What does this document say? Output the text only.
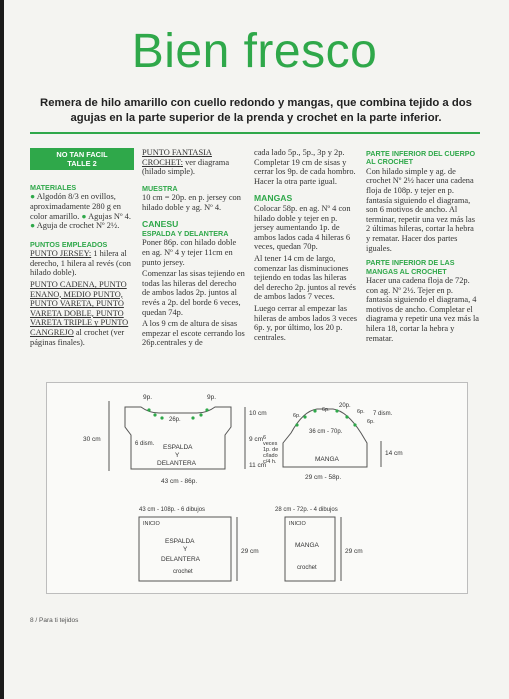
Bien fresco
Remera de hilo amarillo con cuello redondo y mangas, que combina tejido a dos agujas en la parte superior de la prenda y crochet en la parte inferior.
NO TAN FACIL
TALLE 2
MATERIALES
● Algodón 8/3 en ovillos, aproximadamente 280 g en color amarillo. ● Agujas Nº 4. ● Aguja de crochet Nº 2½.
PUNTOS EMPLEADOS
PUNTO JERSEY: 1 hilera al derecho, 1 hilera al revés (con hilado doble).
PUNTO CADENA, PUNTO ENANO, MEDIO PUNTO, PUNTO VARETA, PUNTO VARETA DOBLE, PUNTO VARETA TRIPLE y PUNTO CANGREJO al crochet (ver páginas finales).
PUNTO FANTASIA CROCHET: ver diagrama (hilado simple).
MUESTRA
10 cm = 20p. en p. jersey con hilado doble y ag. Nº 4.
CANESU
ESPALDA Y DELANTERA
Poner 86p. con hilado doble en ag. Nº 4 y tejer 11cm en punto jersey.
Comenzar las sisas tejiendo en todas las hileras del derecho de ambos lados 2p. juntos al revés a 2p. del borde 6 veces, quedan 74p.
A los 9 cm de altura de sisas empezar el escote cerrando los 26p.centrales y de
cada lado 5p., 5p., 3p y 2p. Completar 19 cm de sisas y cerrar los 9p. de cada hombro. Hacer la otra parte igual.
MANGAS
Colocar 58p. en ag. Nº 4 con hilado doble y tejer en p. jersey aumentando 1p. de ambos lados cada 4 hileras 6 veces, quedan 70p.
Al tener 14 cm de largo, comenzar las disminuciones tejiendo en todas las hileras del derecho 2p. juntos al revés de ambos lados 7 veces.
Luego cerrar al empezar las hileras de ambos lados 3 veces 6p. y, por último, los 20 p. centrales.
PARTE INFERIOR DEL CUERPO AL CROCHET
Con hilado simple y ag. de crochet Nº 2½ hacer una cadena floja de 108p. y tejer en p. fantasía siguiendo el diagrama, son 6 motivos de ancho. Al terminar, repetir una vez más las 2 últimas hileras, cortar la hebra y rematar. Hacer dos partes iguales.
PARTE INFERIOR DE LAS MANGAS AL CROCHET
Hacer una cadena floja de 72p. con ag. Nº 2½. Tejer en p. fantasía siguiendo el diagrama, 4 motivos de ancho. Completar el diagrama y repetir una vez más la hilera 18, cortar la hebra y rematar.
9p.	9p.
26p.
10 cm
9 cm
11 cm
30 cm
6 dism. ESPALDA
Y
DELANTERA
43 cm - 86p.
20p.
6p.	6p.
6p.
6p.
7 dism.
36 cm - 70p.
6
veces
1p. de
c/lado
c/4 h.	MANGA
14 cm
29 cm - 58p.
43 cm - 108p. - 6 dibujos
INICIO
ESPALDA
Y
DELANTERA
crochet
29 cm
28 cm - 72p. - 4 dibujos
INICIO
MANGA
crochet
29 cm
8 / Para ti tejidos
